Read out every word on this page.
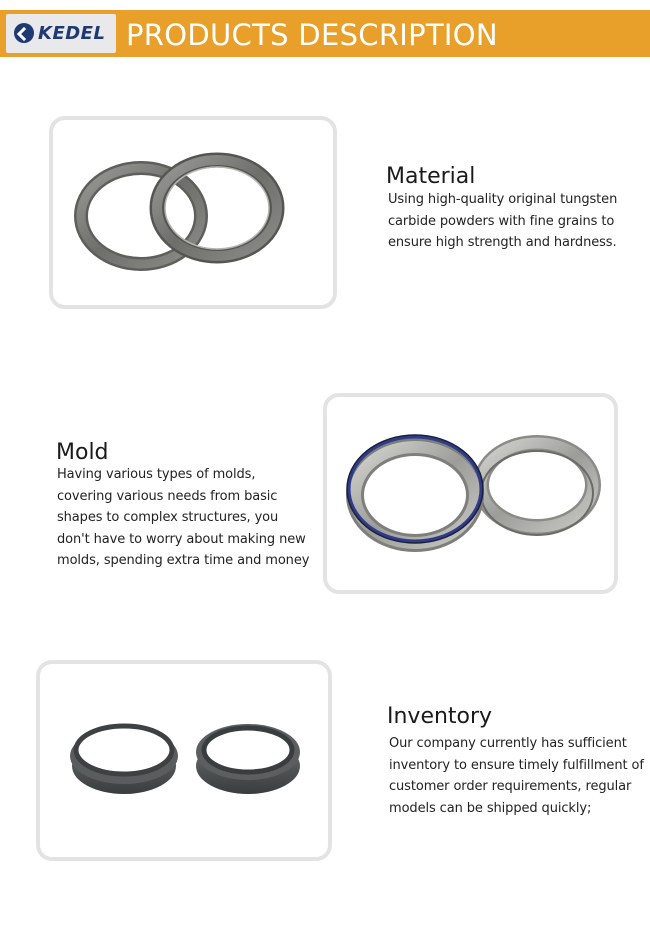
KEDEL PRODUCTS DESCRIPTION
Material
Using high-quality original tungsten
carbide powders with fine grains to
ensure high strength and hardness.
Mold
Having various types of molds,
covering various needs from basic
shapes to complex structures, you
don't have to worry about making new
molds, spending extra time and money
Inventory
Our company currently has sufficient
inventory to ensure timely fulfillment of
customer order requirements, regular
models can be shipped quickly;
